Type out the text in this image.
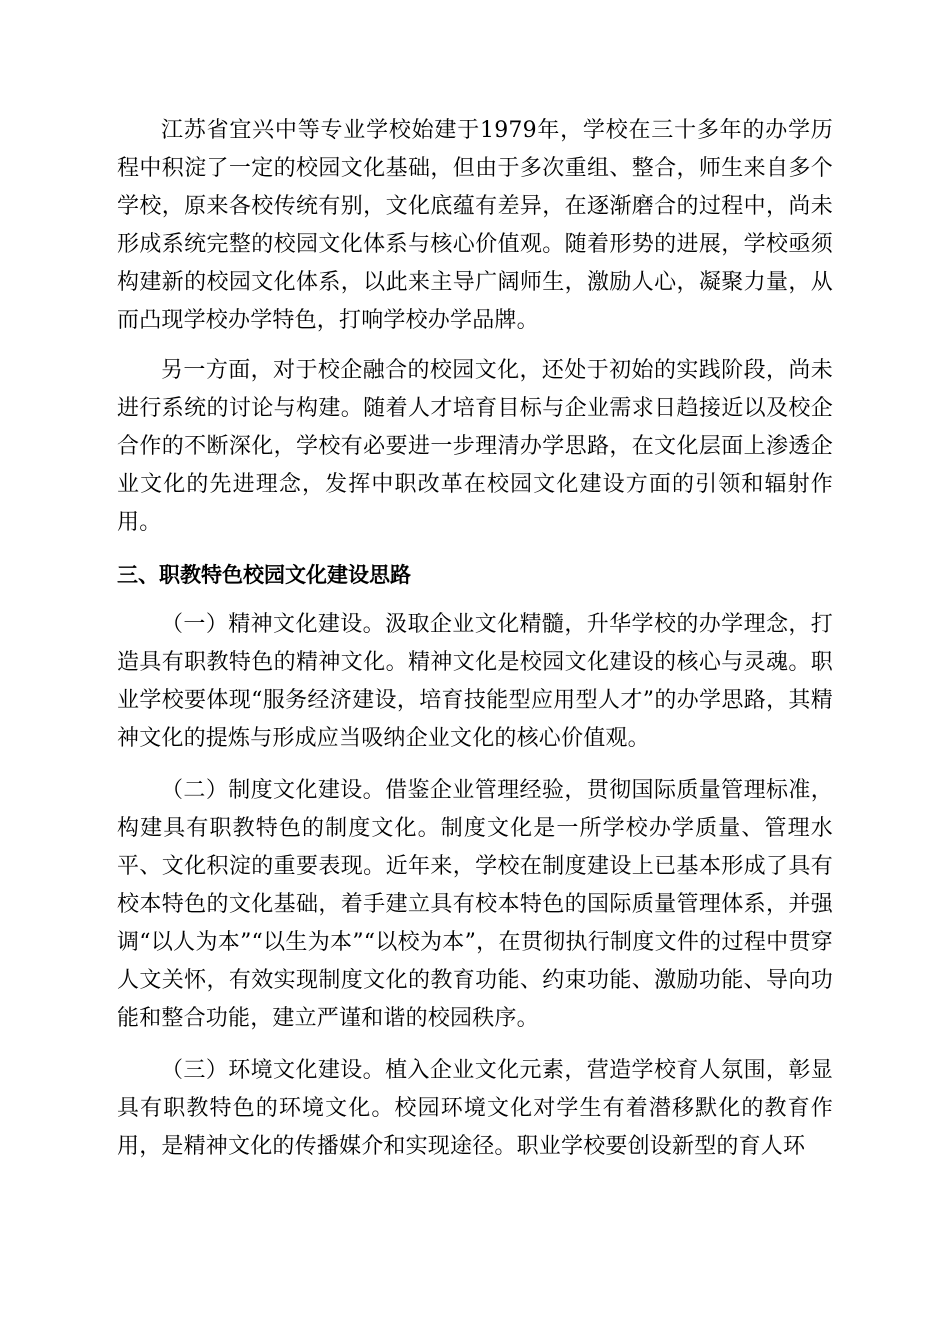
江苏省宜兴中等专业学校始建于1979年，学校在三十多年的办学历程中积淀了一定的校园文化基础，但由于多次重组、整合，师生来自多个学校，原来各校传统有别，文化底蕴有差异，在逐渐磨合的过程中，尚未形成系统完整的校园文化体系与核心价值观。随着形势的进展，学校亟须构建新的校园文化体系，以此来主导广阔师生，激励人心，凝聚力量，从而凸现学校办学特色，打响学校办学品牌。

另一方面，对于校企融合的校园文化，还处于初始的实践阶段，尚未进行系统的讨论与构建。随着人才培育目标与企业需求日趋接近以及校企合作的不断深化，学校有必要进一步理清办学思路，在文化层面上渗透企业文化的先进理念，发挥中职改革在校园文化建设方面的引领和辐射作用。

三、职教特色校园文化建设思路

（一）精神文化建设。汲取企业文化精髓，升华学校的办学理念，打造具有职教特色的精神文化。精神文化是校园文化建设的核心与灵魂。职业学校要体现“服务经济建设，培育技能型应用型人才”的办学思路，其精神文化的提炼与形成应当吸纳企业文化的核心价值观。

（二）制度文化建设。借鉴企业管理经验，贯彻国际质量管理标准，构建具有职教特色的制度文化。制度文化是一所学校办学质量、管理水平、文化积淀的重要表现。近年来，学校在制度建设上已基本形成了具有校本特色的文化基础，着手建立具有校本特色的国际质量管理体系，并强调“以人为本”“以生为本”“以校为本”，在贯彻执行制度文件的过程中贯穿人文关怀，有效实现制度文化的教育功能、约束功能、激励功能、导向功能和整合功能，建立严谨和谐的校园秩序。

（三）环境文化建设。植入企业文化元素，营造学校育人氛围，彰显具有职教特色的环境文化。校园环境文化对学生有着潜移默化的教育作用，是精神文化的传播媒介和实现途径。职业学校要创设新型的育人环
